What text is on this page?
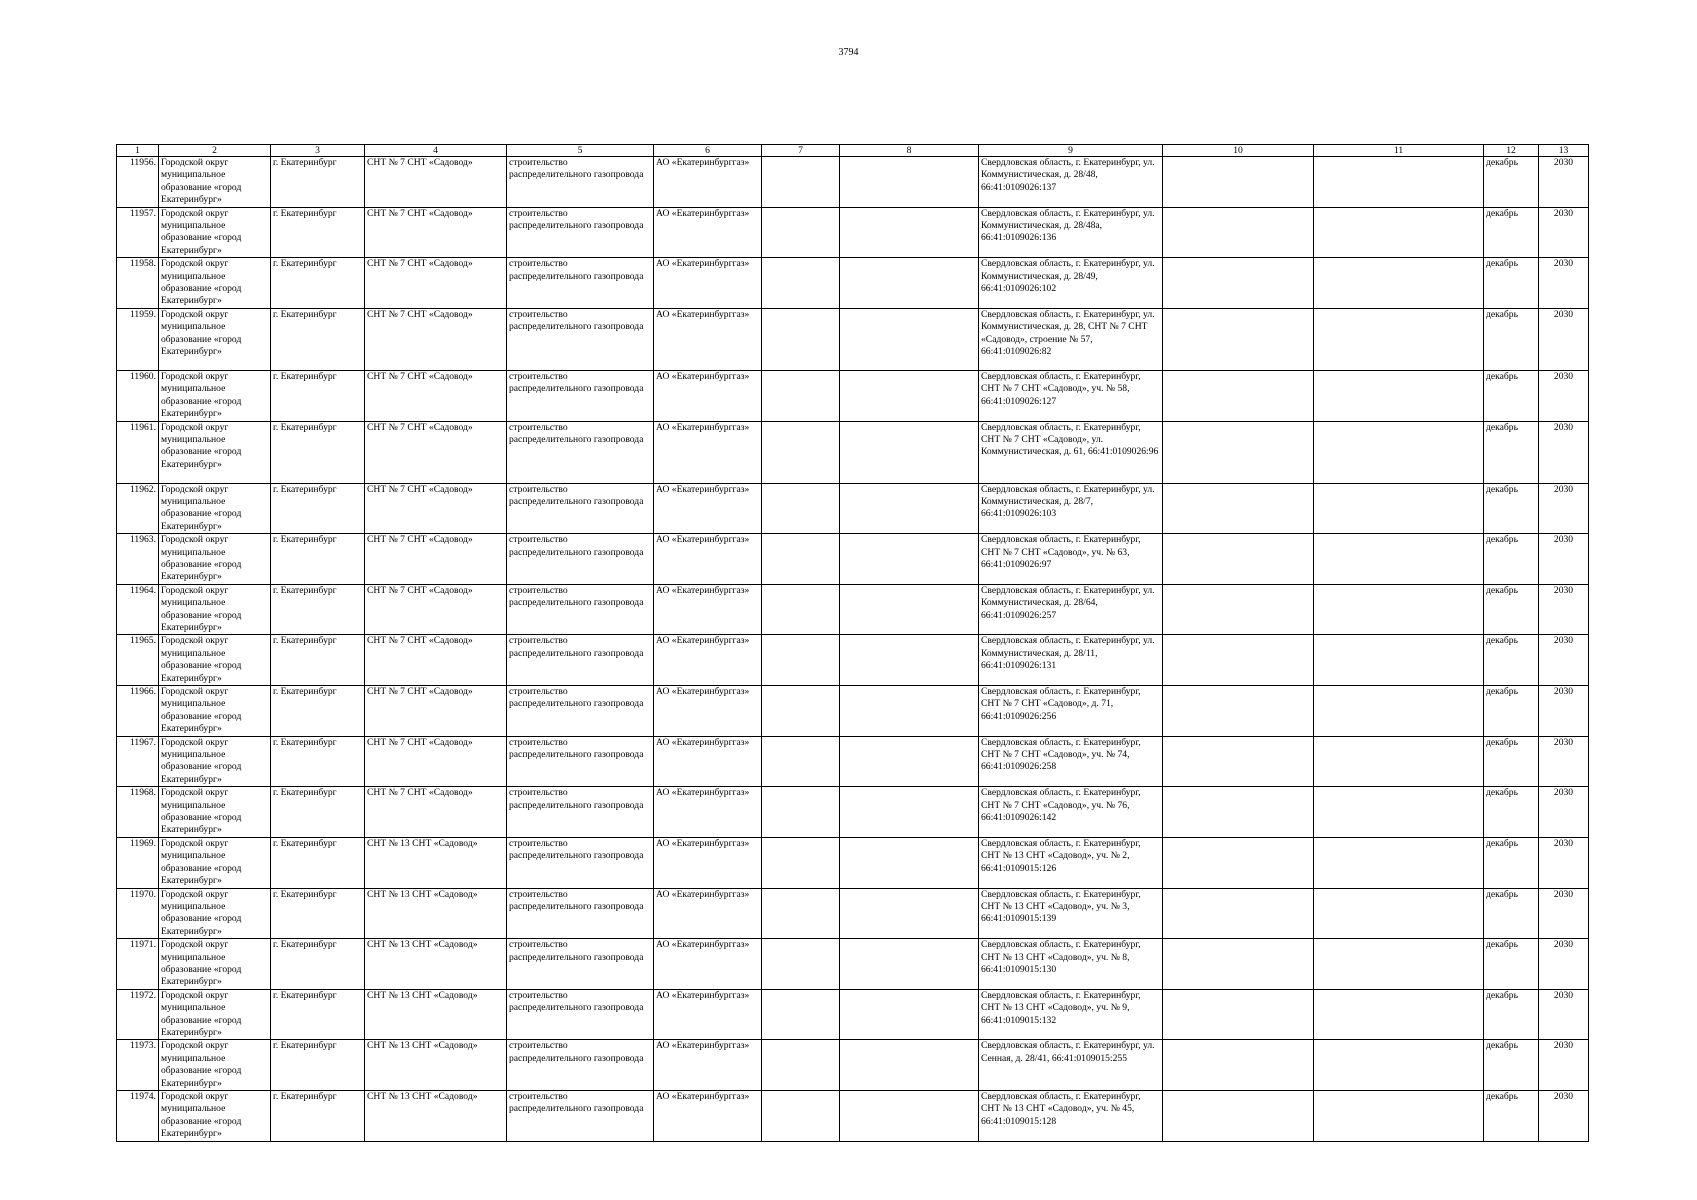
3794
1	2	3	4	5	6	7	8	9	10	11	12	13
11956.	Городской округ муниципальное образование «город Екатеринбург»	г. Екатеринбург	СНТ № 7 СНТ «Садовод»	строительство распределительного газопровода	АО «Екатеринбурггаз»			Свердловская область, г. Екатеринбург, ул. Коммунистическая, д. 28/48, 66:41:0109026:137			декабрь	2030
11957.	Городской округ муниципальное образование «город Екатеринбург»	г. Екатеринбург	СНТ № 7 СНТ «Садовод»	строительство распределительного газопровода	АО «Екатеринбурггаз»			Свердловская область, г. Екатеринбург, ул. Коммунистическая, д. 28/48а, 66:41:0109026:136			декабрь	2030
11958.	Городской округ муниципальное образование «город Екатеринбург»	г. Екатеринбург	СНТ № 7 СНТ «Садовод»	строительство распределительного газопровода	АО «Екатеринбурггаз»			Свердловская область, г. Екатеринбург, ул. Коммунистическая, д. 28/49, 66:41:0109026:102			декабрь	2030
11959.	Городской округ муниципальное образование «город Екатеринбург»	г. Екатеринбург	СНТ № 7 СНТ «Садовод»	строительство распределительного газопровода	АО «Екатеринбурггаз»			Свердловская область, г. Екатеринбург, ул. Коммунистическая, д. 28, СНТ № 7 СНТ «Садовод», строение № 57, 66:41:0109026:82			декабрь	2030
11960.	Городской округ муниципальное образование «город Екатеринбург»	г. Екатеринбург	СНТ № 7 СНТ «Садовод»	строительство распределительного газопровода	АО «Екатеринбурггаз»			Свердловская область, г. Екатеринбург, СНТ № 7 СНТ «Садовод», уч. № 58, 66:41:0109026:127			декабрь	2030
11961.	Городской округ муниципальное образование «город Екатеринбург»	г. Екатеринбург	СНТ № 7 СНТ «Садовод»	строительство распределительного газопровода	АО «Екатеринбурггаз»			Свердловская область, г. Екатеринбург, СНТ № 7 СНТ «Садовод», ул. Коммунистическая, д. 61, 66:41:0109026:96			декабрь	2030
11962.	Городской округ муниципальное образование «город Екатеринбург»	г. Екатеринбург	СНТ № 7 СНТ «Садовод»	строительство распределительного газопровода	АО «Екатеринбурггаз»			Свердловская область, г. Екатеринбург, ул. Коммунистическая, д. 28/7, 66:41:0109026:103			декабрь	2030
11963.	Городской округ муниципальное образование «город Екатеринбург»	г. Екатеринбург	СНТ № 7 СНТ «Садовод»	строительство распределительного газопровода	АО «Екатеринбурггаз»			Свердловская область, г. Екатеринбург, СНТ № 7 СНТ «Садовод», уч. № 63, 66:41:0109026:97			декабрь	2030
11964.	Городской округ муниципальное образование «город Екатеринбург»	г. Екатеринбург	СНТ № 7 СНТ «Садовод»	строительство распределительного газопровода	АО «Екатеринбурггаз»			Свердловская область, г. Екатеринбург, ул. Коммунистическая, д. 28/64, 66:41:0109026:257			декабрь	2030
11965.	Городской округ муниципальное образование «город Екатеринбург»	г. Екатеринбург	СНТ № 7 СНТ «Садовод»	строительство распределительного газопровода	АО «Екатеринбурггаз»			Свердловская область, г. Екатеринбург, ул. Коммунистическая, д. 28/11, 66:41:0109026:131			декабрь	2030
11966.	Городской округ муниципальное образование «город Екатеринбург»	г. Екатеринбург	СНТ № 7 СНТ «Садовод»	строительство распределительного газопровода	АО «Екатеринбурггаз»			Свердловская область, г. Екатеринбург, СНТ № 7 СНТ «Садовод», д. 71, 66:41:0109026:256			декабрь	2030
11967.	Городской округ муниципальное образование «город Екатеринбург»	г. Екатеринбург	СНТ № 7 СНТ «Садовод»	строительство распределительного газопровода	АО «Екатеринбурггаз»			Свердловская область, г. Екатеринбург, СНТ № 7 СНТ «Садовод», уч. № 74, 66:41:0109026:258			декабрь	2030
11968.	Городской округ муниципальное образование «город Екатеринбург»	г. Екатеринбург	СНТ № 7 СНТ «Садовод»	строительство распределительного газопровода	АО «Екатеринбурггаз»			Свердловская область, г. Екатеринбург, СНТ № 7 СНТ «Садовод», уч. № 76, 66:41:0109026:142			декабрь	2030
11969.	Городской округ муниципальное образование «город Екатеринбург»	г. Екатеринбург	СНТ № 13 СНТ «Садовод»	строительство распределительного газопровода	АО «Екатеринбурггаз»			Свердловская область, г. Екатеринбург, СНТ № 13 СНТ «Садовод», уч. № 2, 66:41:0109015:126			декабрь	2030
11970.	Городской округ муниципальное образование «город Екатеринбург»	г. Екатеринбург	СНТ № 13 СНТ «Садовод»	строительство распределительного газопровода	АО «Екатеринбурггаз»			Свердловская область, г. Екатеринбург, СНТ № 13 СНТ «Садовод», уч. № 3, 66:41:0109015:139			декабрь	2030
11971.	Городской округ муниципальное образование «город Екатеринбург»	г. Екатеринбург	СНТ № 13 СНТ «Садовод»	строительство распределительного газопровода	АО «Екатеринбурггаз»			Свердловская область, г. Екатеринбург, СНТ № 13 СНТ «Садовод», уч. № 8, 66:41:0109015:130			декабрь	2030
11972.	Городской округ муниципальное образование «город Екатеринбург»	г. Екатеринбург	СНТ № 13 СНТ «Садовод»	строительство распределительного газопровода	АО «Екатеринбурггаз»			Свердловская область, г. Екатеринбург, СНТ № 13 СНТ «Садовод», уч. № 9, 66:41:0109015:132			декабрь	2030
11973.	Городской округ муниципальное образование «город Екатеринбург»	г. Екатеринбург	СНТ № 13 СНТ «Садовод»	строительство распределительного газопровода	АО «Екатеринбурггаз»			Свердловская область, г. Екатеринбург, ул. Сенная, д. 28/41, 66:41:0109015:255			декабрь	2030
11974.	Городской округ муниципальное образование «город Екатеринбург»	г. Екатеринбург	СНТ № 13 СНТ «Садовод»	строительство распределительного газопровода	АО «Екатеринбурггаз»			Свердловская область, г. Екатеринбург, СНТ № 13 СНТ «Садовод», уч. № 45, 66:41:0109015:128			декабрь	2030
